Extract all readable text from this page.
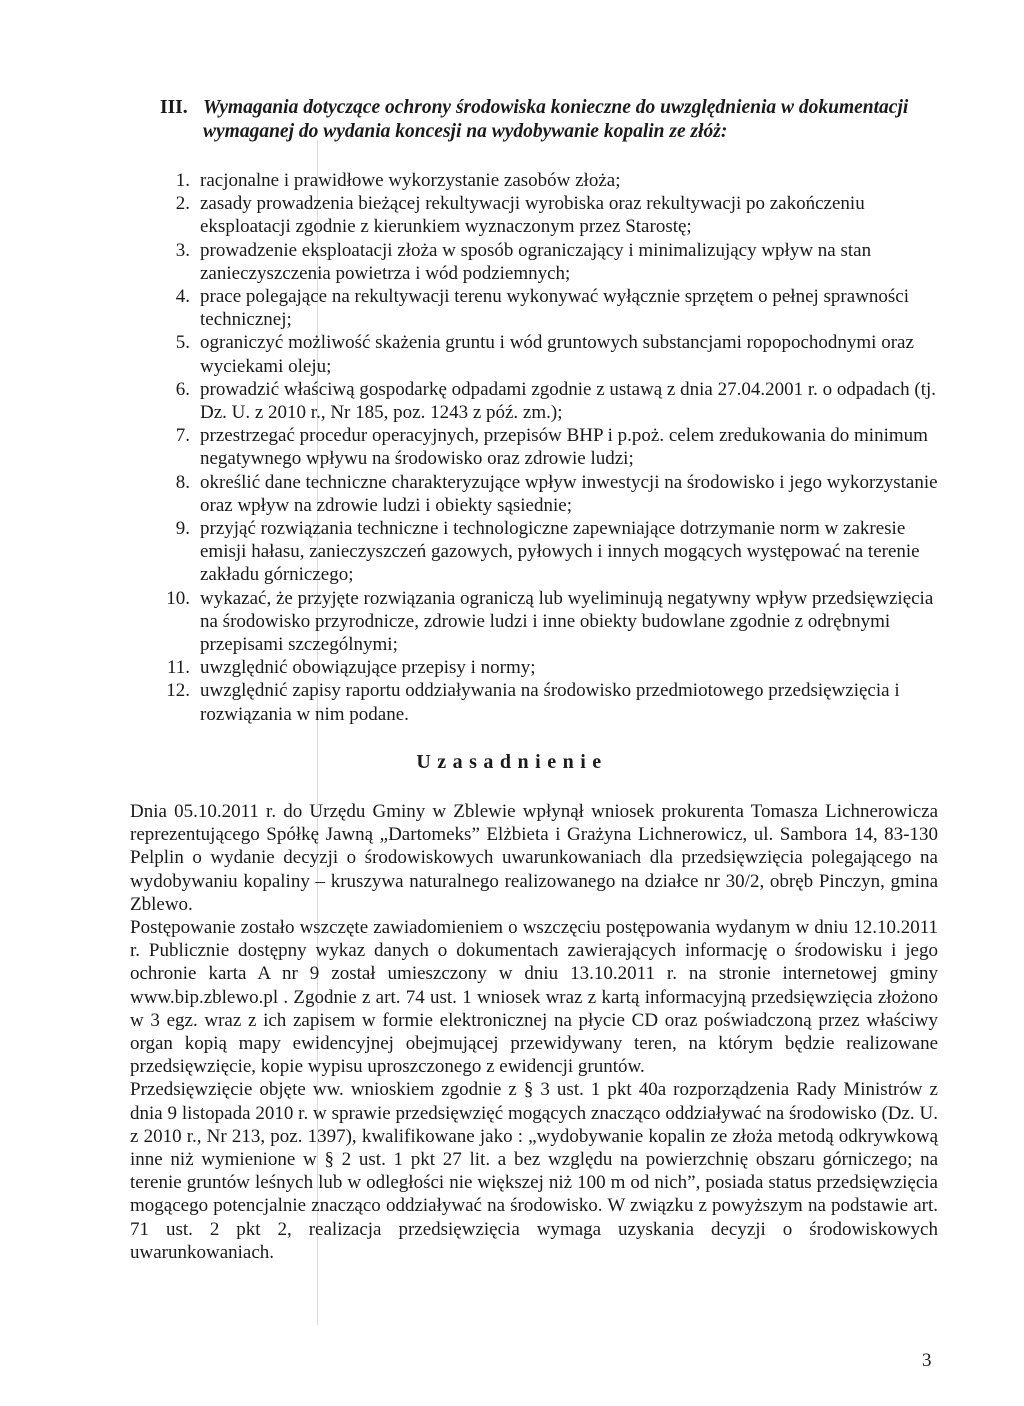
III. Wymagania dotyczące ochrony środowiska konieczne do uwzględnienia w dokumentacji wymaganej do wydania koncesji na wydobywanie kopalin ze złóż:
1. racjonalne i prawidłowe wykorzystanie zasobów złoża;
2. zasady prowadzenia bieżącej rekultywacji wyrobiska oraz rekultywacji po zakończeniu eksploatacji zgodnie z kierunkiem wyznaczonym przez Starostę;
3. prowadzenie eksploatacji złoża w sposób ograniczający i minimalizujący wpływ na stan zanieczyszczenia powietrza i wód podziemnych;
4. prace polegające na rekultywacji terenu wykonywać wyłącznie sprzętem o pełnej sprawności technicznej;
5. ograniczyć możliwość skażenia gruntu i wód gruntowych substancjami ropopochodnymi oraz wyciekami oleju;
6. prowadzić właściwą gospodarkę odpadami zgodnie z ustawą z dnia 27.04.2001 r. o odpadach (tj. Dz. U. z 2010 r., Nr 185, poz. 1243 z póź. zm.);
7. przestrzegać procedur operacyjnych, przepisów BHP i p.poż. celem zredukowania do minimum negatywnego wpływu na środowisko oraz zdrowie ludzi;
8. określić dane techniczne charakteryzujące wpływ inwestycji na środowisko i jego wykorzystanie oraz wpływ na zdrowie ludzi i obiekty sąsiednie;
9. przyjąć rozwiązania techniczne i technologiczne zapewniające dotrzymanie norm w zakresie emisji hałasu, zanieczyszczeń gazowych, pyłowych i innych mogących występować na terenie zakładu górniczego;
10. wykazać, że przyjęte rozwiązania ograniczą lub wyeliminują negatywny wpływ przedsięwzięcia na środowisko przyrodnicze, zdrowie ludzi i inne obiekty budowlane zgodnie z odrębnymi przepisami szczególnymi;
11. uwzględnić obowiązujące przepisy i normy;
12. uwzględnić zapisy raportu oddziaływania na środowisko przedmiotowego przedsięwzięcia i rozwiązania w nim podane.
Uzasadnienie

Dnia 05.10.2011 r. do Urzędu Gminy w Zblewie wpłynął wniosek prokurenta Tomasza Lichnerowicza reprezentującego Spółkę Jawną „Dartomeks” Elżbieta i Grażyna Lichnerowicz, ul. Sambora 14, 83-130 Pelplin o wydanie decyzji o środowiskowych uwarunkowaniach dla przedsięwzięcia polegającego na wydobywaniu kopaliny – kruszywa naturalnego realizowanego na działce nr 30/2, obręb Pinczyn, gmina Zblewo.

Postępowanie zostało wszczęte zawiadomieniem o wszczęciu postępowania wydanym w dniu 12.10.2011 r. Publicznie dostępny wykaz danych o dokumentach zawierających informację o środowisku i jego ochronie karta A nr 9 został umieszczony w dniu 13.10.2011 r. na stronie internetowej gminy www.bip.zblewo.pl . Zgodnie z art. 74 ust. 1 wniosek wraz z kartą informacyjną przedsięwzięcia złożono w 3 egz. wraz z ich zapisem w formie elektronicznej na płycie CD oraz poświadczoną przez właściwy organ kopią mapy ewidencyjnej obejmującej przewidywany teren, na którym będzie realizowane przedsięwzięcie, kopie wypisu uproszczonego z ewidencji gruntów.

Przedsięwzięcie objęte ww. wnioskiem zgodnie z § 3 ust. 1 pkt 40a rozporządzenia Rady Ministrów z dnia 9 listopada 2010 r. w sprawie przedsięwzięć mogących znacząco oddziaływać na środowisko (Dz. U. z 2010 r., Nr 213, poz. 1397), kwalifikowane jako : „wydobywanie kopalin ze złoża metodą odkrywkową inne niż wymienione w § 2 ust. 1 pkt 27 lit. a bez względu na powierzchnię obszaru górniczego; na terenie gruntów leśnych lub w odległości nie większej niż 100 m od nich”, posiada status przedsięwzięcia mogącego potencjalnie znacząco oddziaływać na środowisko. W związku z powyższym na podstawie art. 71 ust. 2 pkt 2, realizacja przedsięwzięcia wymaga uzyskania decyzji o środowiskowych uwarunkowaniach.

3
